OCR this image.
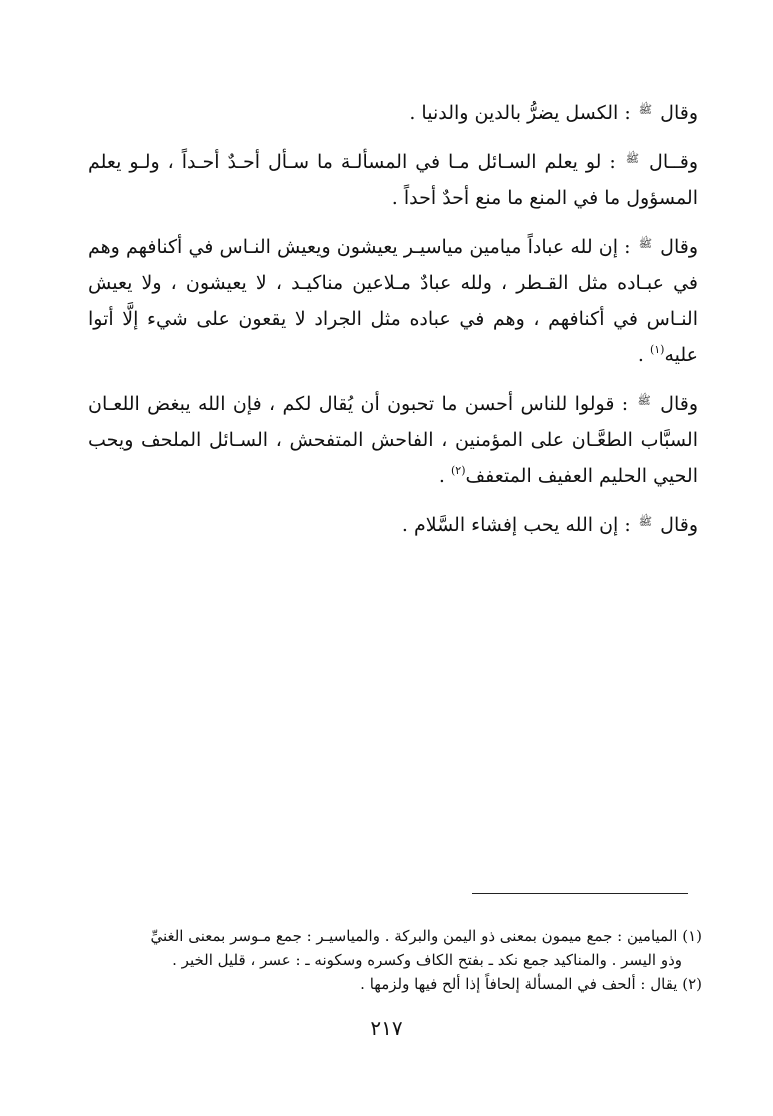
وقال ﷺ : الكسل يضرُّ بالدين والدنيا .

وقــال ﷺ : لو يعلم السـائل مـا في المسألـة ما سـأل أحـدٌ أحـداً ، ولـو يعلم المسؤول ما في المنع ما منع أحدٌ أحداً .

وقال ﷺ : إن لله عباداً ميامين مياسيـر يعيشون ويعيش النـاس في أكنافهم وهم في عبـاده مثل القـطر ، ولله عبادٌ مـلاعين مناكيـد ، لا يعيشون ، ولا يعيش النـاس في أكنافهم ، وهم في عباده مثل الجراد لا يقعون على شيء إلَّا أتوا عليه$^{(١)}$ .

وقال ﷺ : قولوا للناس أحسن ما تحبون أن يُقال لكم ، فإن الله يبغض اللعـان السبَّاب الطعَّـان على المؤمنين ، الفاحش المتفحش ، السـائل الملحف ويحب الحيي الحليم العفيف المتعفف$^{(٢)}$ .

وقال ﷺ : إن الله يحب إفشاء السَّلام .

(١) الميامين : جمع ميمون بمعنى ذو اليمن والبركة . والمياسيـر : جمع مـوسر بمعنى الغنيِّ
وذو اليسر . والمناكيد جمع نكد ـ بفتح الكاف وكسره وسكونه ـ : عسر ، قليل الخير .

(٢) يقال : ألحف في المسألة إلحافاً إذا ألح فيها ولزمها .

٢١٧
